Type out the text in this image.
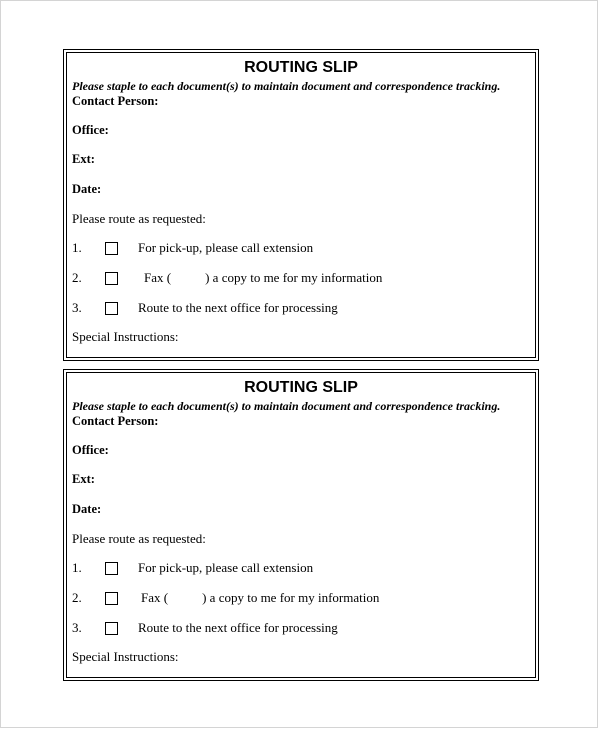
ROUTING SLIP
Please staple to each document(s) to maintain document and correspondence tracking.
Contact Person:
Office:
Ext:
Date:
Please route as requested:
1.	For pick-up, please call extension
2.	Fax (	) a copy to me for my information
3.	Route to the next office for processing
Special Instructions:
ROUTING SLIP
Please staple to each document(s) to maintain document and correspondence tracking.
Contact Person:
Office:
Ext:
Date:
Please route as requested:
1.	For pick-up, please call extension
2.	Fax (	) a copy to me for my information
3.	Route to the next office for processing
Special Instructions:
